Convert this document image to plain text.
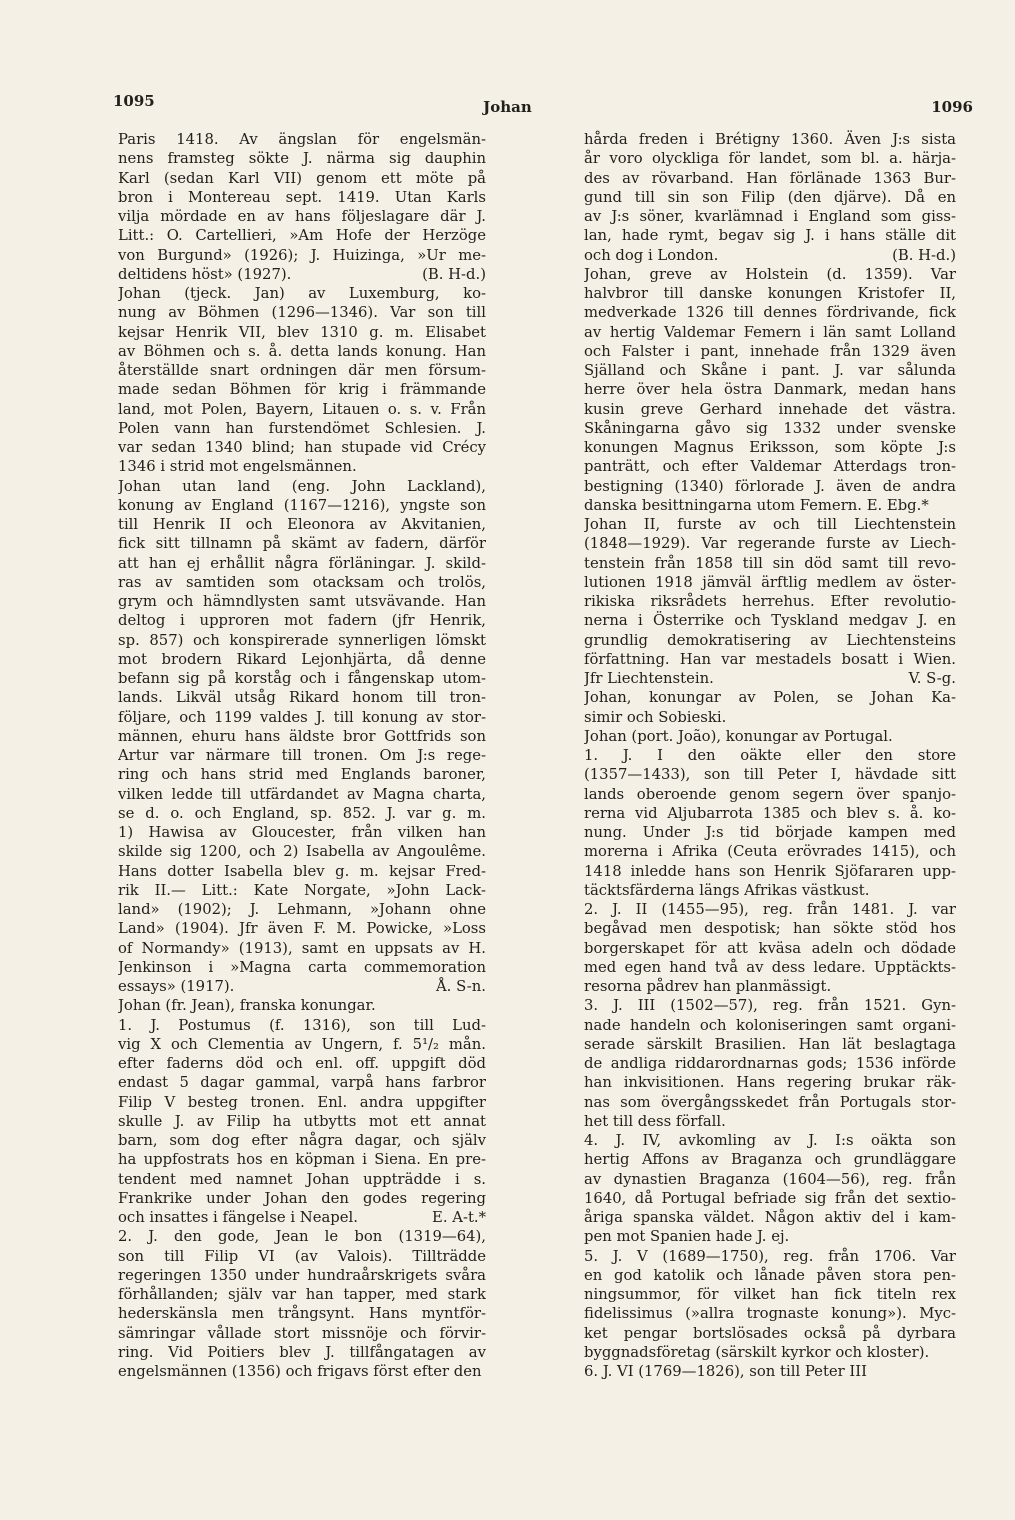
1095	Johan	1096

Paris 1418. Av ängslan för engelsmän-

nens framsteg sökte J. närma sig dauphin

Karl (sedan Karl VII) genom ett möte på

bron i Montereau sept. 1419. Utan Karls

vilja mördade en av hans följeslagare där J.

Litt.: O. Cartellieri, »Am Hofe der Herzöge

von Burgund» (1926); J. Huizinga, »Ur me-

deltidens höst» (1927).	(B. H-d.)

Johan (tjeck. Jan) av Luxemburg, ko-

nung av Böhmen (1296—1346). Var son till

kejsar Henrik VII, blev 1310 g. m. Elisabet

av Böhmen och s. å. detta lands konung. Han

återställde snart ordningen där men försum-

made sedan Böhmen för krig i främmande

land, mot Polen, Bayern, Litauen o. s. v. Från

Polen vann han furstendömet Schlesien. J.

var sedan 1340 blind; han stupade vid Crécy

1346 i strid mot engelsmännen.

Johan utan land (eng. John Lackland),

konung av England (1167—1216), yngste son

till Henrik II och Eleonora av Akvitanien,

fick sitt tillnamn på skämt av fadern, därför

att han ej erhållit några förläningar. J. skild-

ras av samtiden som otacksam och trolös,

grym och hämndlysten samt utsvävande. Han

deltog i upproren mot fadern (jfr Henrik,

sp. 857) och konspirerade synnerligen lömskt

mot brodern Rikard Lejonhjärta, då denne

befann sig på korståg och i fångenskap utom-

lands. Likväl utsåg Rikard honom till tron-

följare, och 1199 valdes J. till konung av stor-

männen, ehuru hans äldste bror Gottfrids son

Artur var närmare till tronen. Om J:s rege-

ring och hans strid med Englands baroner,

vilken ledde till utfärdandet av Magna charta,

se d. o. och England, sp. 852. J. var g. m.

1) Hawisa av Gloucester, från vilken han

skilde sig 1200, och 2) Isabella av Angoulême.

Hans dotter Isabella blev g. m. kejsar Fred-

rik II.— Litt.: Kate Norgate, »John Lack-

land» (1902); J. Lehmann, »Johann ohne

Land» (1904). Jfr även F. M. Powicke, »Loss

of Normandy» (1913), samt en uppsats av H.

Jenkinson i »Magna carta commemoration

essays» (1917).	Å. S-n.

Johan (fr. Jean), franska konungar.

1. J. Postumus (f. 1316), son till Lud-

vig X och Clementia av Ungern, f. 5¹/₂ mån.

efter faderns död och enl. off. uppgift död

endast 5 dagar gammal, varpå hans farbror

Filip V besteg tronen. Enl. andra uppgifter

skulle J. av Filip ha utbytts mot ett annat

barn, som dog efter några dagar, och själv

ha uppfostrats hos en köpman i Siena. En pre-

tendent med namnet Johan uppträdde i s.

Frankrike under Johan den godes regering

och insattes i fängelse i Neapel.	E. A-t.*

2. J. den gode, Jean le bon (1319—64),

son till Filip VI (av Valois). Tillträdde

regeringen 1350 under hundraårskrigets svåra

förhållanden; själv var han tapper, med stark

hederskänsla men trångsynt. Hans myntför-

sämringar vållade stort missnöje och förvir-

ring. Vid Poitiers blev J. tillfångatagen av

engelsmännen (1356) och frigavs först efter den

hårda freden i Brétigny 1360. Även J:s sista

år voro olyckliga för landet, som bl. a. härja-

des av rövarband. Han förlänade 1363 Bur-

gund till sin son Filip (den djärve). Då en

av J:s söner, kvarlämnad i England som giss-

lan, hade rymt, begav sig J. i hans ställe dit

och dog i London.	(B. H-d.)

Johan, greve av Holstein (d. 1359). Var

halvbror till danske konungen Kristofer II,

medverkade 1326 till dennes fördrivande, fick

av hertig Valdemar Femern i län samt Lolland

och Falster i pant, innehade från 1329 även

Själland och Skåne i pant. J. var sålunda

herre över hela östra Danmark, medan hans

kusin greve Gerhard innehade det västra.

Skåningarna gåvo sig 1332 under svenske

konungen Magnus Eriksson, som köpte J:s

panträtt, och efter Valdemar Atterdags tron-

bestigning (1340) förlorade J. även de andra

danska besittningarna utom Femern. E. Ebg.*

Johan II, furste av och till Liechtenstein

(1848—1929). Var regerande furste av Liech-

tenstein från 1858 till sin död samt till revo-

lutionen 1918 jämväl ärftlig medlem av öster-

rikiska riksrådets herrehus. Efter revolutio-

nerna i Österrike och Tyskland medgav J. en

grundlig demokratisering av Liechtensteins

författning. Han var mestadels bosatt i Wien.

Jfr Liechtenstein.	V. S-g.

Johan, konungar av Polen, se Johan Ka-

simir och Sobieski.

Johan (port. João), konungar av Portugal.

1. J. I den oäkte eller den store

(1357—1433), son till Peter I, hävdade sitt

lands oberoende genom segern över spanjo-

rerna vid Aljubarrota 1385 och blev s. å. ko-

nung. Under J:s tid började kampen med

morerna i Afrika (Ceuta erövrades 1415), och

1418 inledde hans son Henrik Sjöfararen upp-

täcktsfärderna längs Afrikas västkust.

2. J. II (1455—95), reg. från 1481. J. var

begåvad men despotisk; han sökte stöd hos

borgerskapet för att kväsa adeln och dödade

med egen hand två av dess ledare. Upptäckts-

resorna pådrev han planmässigt.

3. J. III (1502—57), reg. från 1521. Gyn-

nade handeln och koloniseringen samt organi-

serade särskilt Brasilien. Han lät beslagtaga

de andliga riddarordnarnas gods; 1536 införde

han inkvisitionen. Hans regering brukar räk-

nas som övergångsskedet från Portugals stor-

het till dess förfall.

4. J. IV, avkomling av J. I:s oäkta son

hertig Affons av Braganza och grundläggare

av dynastien Braganza (1604—56), reg. från

1640, då Portugal befriade sig från det sextio-

åriga spanska väldet. Någon aktiv del i kam-

pen mot Spanien hade J. ej.

5. J. V (1689—1750), reg. från 1706. Var

en god katolik och lånade påven stora pen-

ningsummor, för vilket han fick titeln rex

fidelissimus (»allra trognaste konung»). Myc-

ket pengar bortslösades också på dyrbara

byggnadsföretag (särskilt kyrkor och kloster).

6. J. VI (1769—1826), son till Peter III
